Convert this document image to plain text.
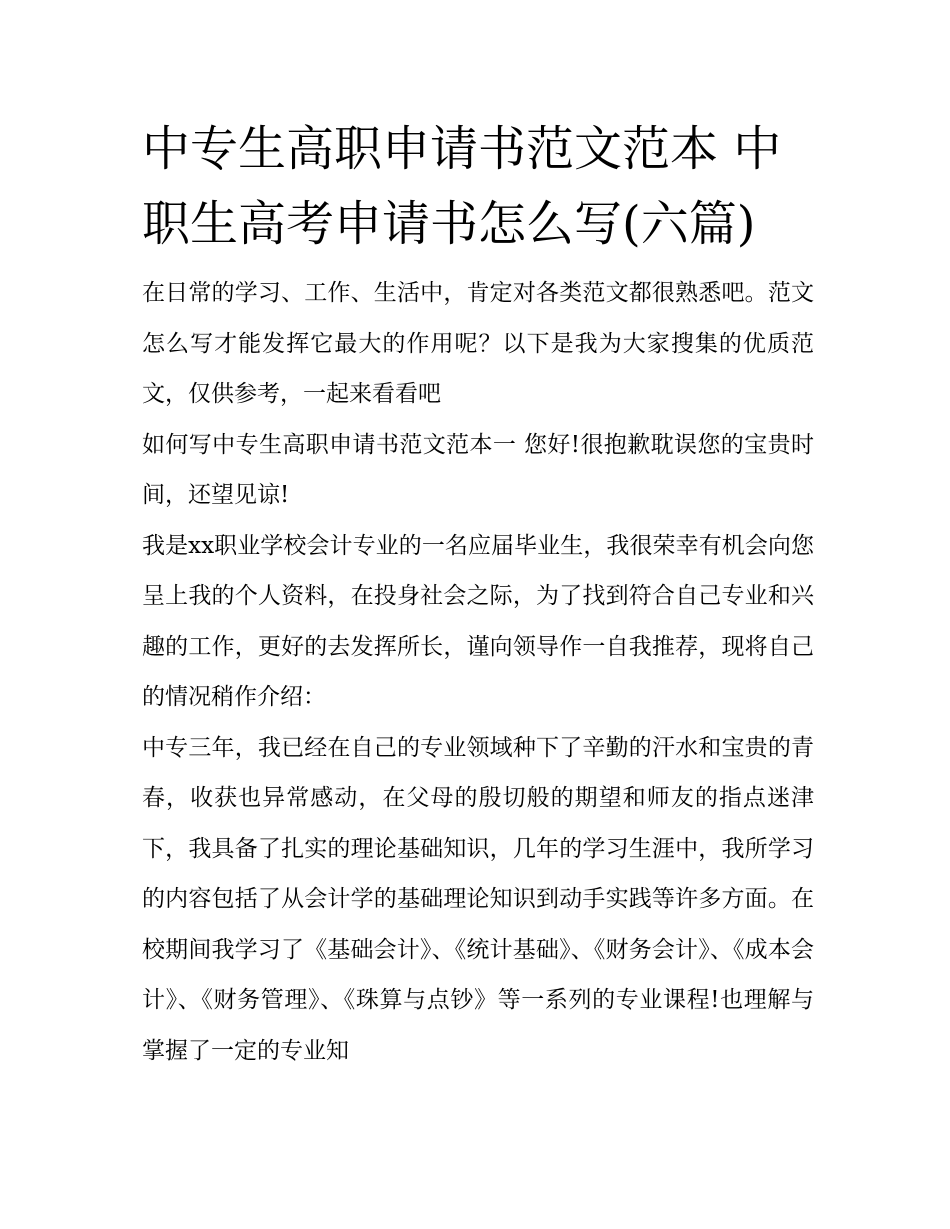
中专生高职申请书范文范本 中职生高考申请书怎么写(六篇)

在日常的学习、工作、生活中，肯定对各类范文都很熟悉吧。范文怎么写才能发挥它最大的作用呢？以下是我为大家搜集的优质范文，仅供参考，一起来看看吧

如何写中专生高职申请书范文范本一 您好!很抱歉耽误您的宝贵时间，还望见谅!

我是xx职业学校会计专业的一名应届毕业生，我很荣幸有机会向您呈上我的个人资料，在投身社会之际，为了找到符合自己专业和兴趣的工作，更好的去发挥所长，谨向领导作一自我推荐，现将自己的情况稍作介绍：

中专三年，我已经在自己的专业领域种下了辛勤的汗水和宝贵的青春，收获也异常感动，在父母的殷切般的期望和师友的指点迷津下，我具备了扎实的理论基础知识，几年的学习生涯中，我所学习的内容包括了从会计学的基础理论知识到动手实践等许多方面。在校期间我学习了《基础会计》、《统计基础》、《财务会计》、《成本会计》、《财务管理》、《珠算与点钞》等一系列的专业课程!也理解与掌握了一定的专业知
